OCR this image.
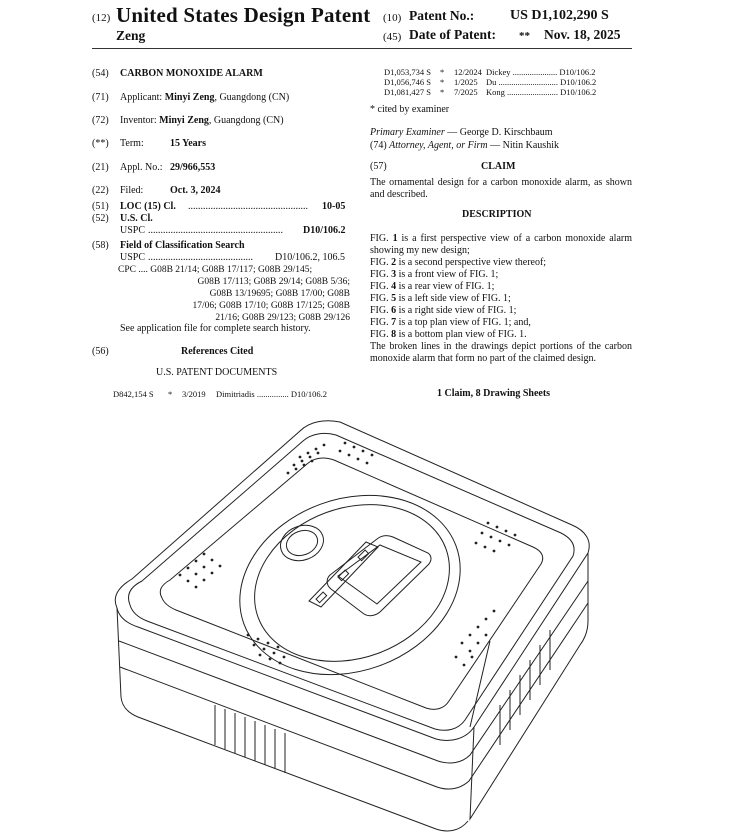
(12) United States Design Patent (10) Patent No.:	US D1,102,290 S
Zeng	(45) Date of Patent: ** Nov. 18, 2025
(54) CARBON MONOXIDE ALARM
(71) Applicant: Minyi Zeng, Guangdong (CN)
(72) Inventor: Minyi Zeng, Guangdong (CN)
(**) Term:	15 Years
(21) Appl. No.: 29/966,553
(22) Filed:	Oct. 3, 2024
(51) LOC (15) Cl. ................................................ 10-05
(52) U.S. Cl.
USPC ...................................................... D10/106.2
(58) Field of Classification Search
USPC .......................................... D10/106.2, 106.5
CPC .... G08B 21/14; G08B 17/117; G08B 29/145;
G08B 17/113; G08B 29/14; G08B 5/36;
G08B 13/19695; G08B 17/00; G08B
17/06; G08B 17/10; G08B 17/125; G08B
21/16; G08B 29/123; G08B 29/126
See application file for complete search history.
(56)	References Cited
U.S. PATENT DOCUMENTS
D842,154 S * 3/2019 Dimitriadis ............... D10/106.2
D1,053,734 S * 12/2024 Dickey ..................... D10/106.2
D1,056,746 S * 1/2025 Du ............................ D10/106.2
D1,081,427 S * 7/2025 Kong ........................ D10/106.2
* cited by examiner
Primary Examiner — George D. Kirschbaum
(74) Attorney, Agent, or Firm — Nitin Kaushik
(57)	CLAIM
The ornamental design for a carbon monoxide alarm, as shown and described.
DESCRIPTION
FIG. 1 is a first perspective view of a carbon monoxide alarm showing my new design;
FIG. 2 is a second perspective view thereof;
FIG. 3 is a front view of FIG. 1;
FIG. 4 is a rear view of FIG. 1;
FIG. 5 is a left side view of FIG. 1;
FIG. 6 is a right side view of FIG. 1;
FIG. 7 is a top plan view of FIG. 1; and,
FIG. 8 is a bottom plan view of FIG. 1.
The broken lines in the drawings depict portions of the carbon monoxide alarm that form no part of the claimed design.
1 Claim, 8 Drawing Sheets
